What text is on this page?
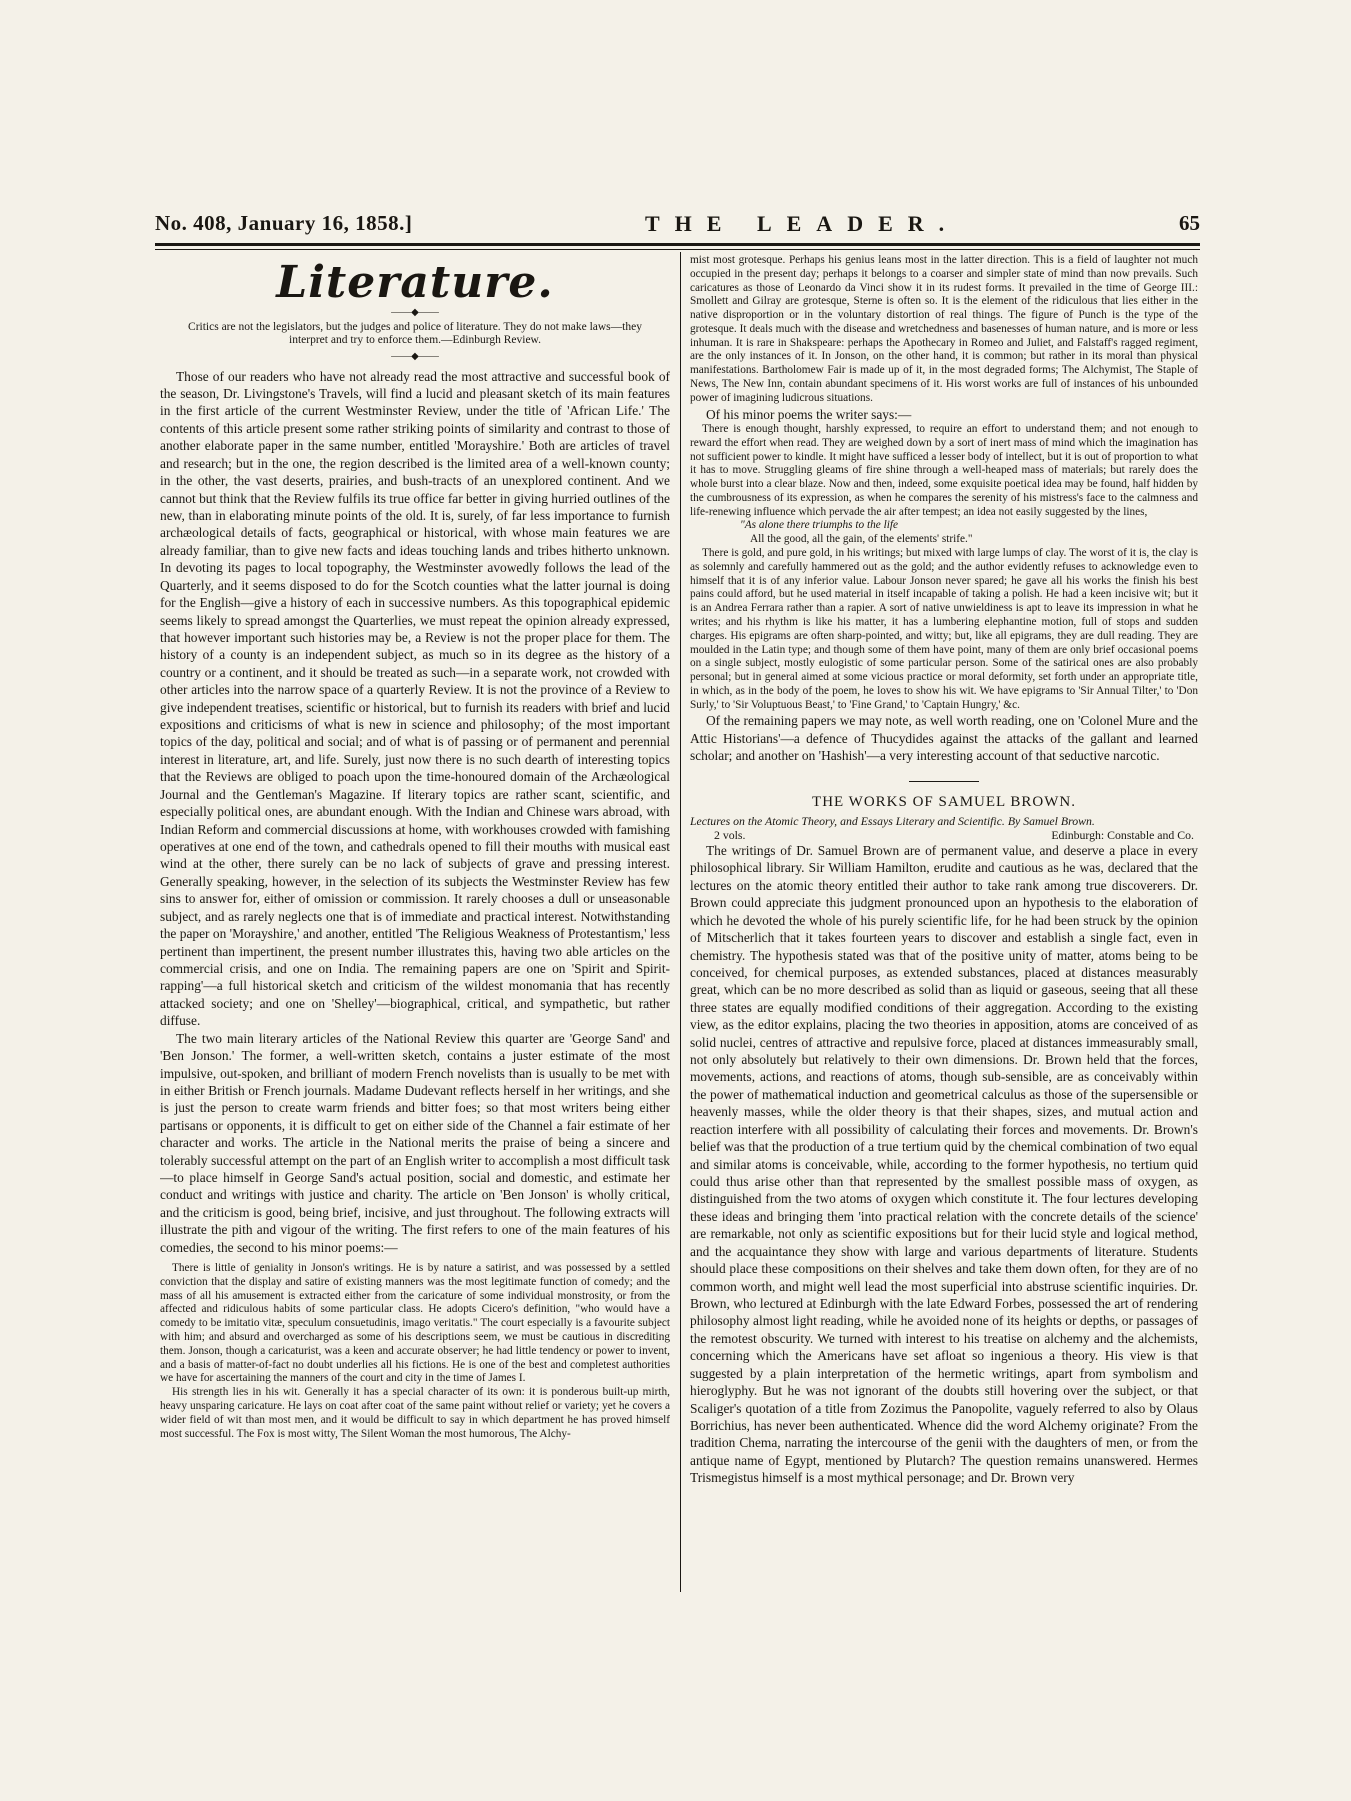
No. 408, January 16, 1858.]	THE LEADER.	65
Literature.
——◆——
Critics are not the legislators, but the judges and police of literature. They do not make laws—they interpret and try to enforce them.—Edinburgh Review.
——◆——

Those of our readers who have not already read the most attractive and successful book of the season, Dr. Livingstone's Travels, will find a lucid and pleasant sketch of its main features in the first article of the current Westminster Review, under the title of 'African Life.' The contents of this article present some rather striking points of similarity and contrast to those of another elaborate paper in the same number, entitled 'Morayshire.' Both are articles of travel and research; but in the one, the region described is the limited area of a well-known county; in the other, the vast deserts, prairies, and bush-tracts of an unexplored continent. And we cannot but think that the Review fulfils its true office far better in giving hurried outlines of the new, than in elaborating minute points of the old. It is, surely, of far less importance to furnish archæological details of facts, geographical or historical, with whose main features we are already familiar, than to give new facts and ideas touching lands and tribes hitherto unknown. In devoting its pages to local topography, the Westminster avowedly follows the lead of the Quarterly, and it seems disposed to do for the Scotch counties what the latter journal is doing for the English—give a history of each in successive numbers. As this topographical epidemic seems likely to spread amongst the Quarterlies, we must repeat the opinion already expressed, that however important such histories may be, a Review is not the proper place for them. The history of a county is an independent subject, as much so in its degree as the history of a country or a continent, and it should be treated as such—in a separate work, not crowded with other articles into the narrow space of a quarterly Review. It is not the province of a Review to give independent treatises, scientific or historical, but to furnish its readers with brief and lucid expositions and criticisms of what is new in science and philosophy; of the most important topics of the day, political and social; and of what is of passing or of permanent and perennial interest in literature, art, and life. Surely, just now there is no such dearth of interesting topics that the Reviews are obliged to poach upon the time-honoured domain of the Archæological Journal and the Gentleman's Magazine. If literary topics are rather scant, scientific, and especially political ones, are abundant enough. With the Indian and Chinese wars abroad, with Indian Reform and commercial discussions at home, with workhouses crowded with famishing operatives at one end of the town, and cathedrals opened to fill their mouths with musical east wind at the other, there surely can be no lack of subjects of grave and pressing interest. Generally speaking, however, in the selection of its subjects the Westminster Review has few sins to answer for, either of omission or commission. It rarely chooses a dull or unseasonable subject, and as rarely neglects one that is of immediate and practical interest. Notwithstanding the paper on 'Morayshire,' and another, entitled 'The Religious Weakness of Protestantism,' less pertinent than impertinent, the present number illustrates this, having two able articles on the commercial crisis, and one on India. The remaining papers are one on 'Spirit and Spirit-rapping'—a full historical sketch and criticism of the wildest monomania that has recently attacked society; and one on 'Shelley'—biographical, critical, and sympathetic, but rather diffuse.

The two main literary articles of the National Review this quarter are 'George Sand' and 'Ben Jonson.' The former, a well-written sketch, contains a juster estimate of the most impulsive, out-spoken, and brilliant of modern French novelists than is usually to be met with in either British or French journals. Madame Dudevant reflects herself in her writings, and she is just the person to create warm friends and bitter foes; so that most writers being either partisans or opponents, it is difficult to get on either side of the Channel a fair estimate of her character and works. The article in the National merits the praise of being a sincere and tolerably successful attempt on the part of an English writer to accomplish a most difficult task—to place himself in George Sand's actual position, social and domestic, and estimate her conduct and writings with justice and charity. The article on 'Ben Jonson' is wholly critical, and the criticism is good, being brief, incisive, and just throughout. The following extracts will illustrate the pith and vigour of the writing. The first refers to one of the main features of his comedies, the second to his minor poems:—

There is little of geniality in Jonson's writings. He is by nature a satirist, and was possessed by a settled conviction that the display and satire of existing manners was the most legitimate function of comedy; and the mass of all his amusement is extracted either from the caricature of some individual monstrosity, or from the affected and ridiculous habits of some particular class. He adopts Cicero's definition, "who would have a comedy to be imitatio vitæ, speculum consuetudinis, imago veritatis." The court especially is a favourite subject with him; and absurd and overcharged as some of his descriptions seem, we must be cautious in discrediting them. Jonson, though a caricaturist, was a keen and accurate observer; he had little tendency or power to invent, and a basis of matter-of-fact no doubt underlies all his fictions. He is one of the best and completest authorities we have for ascertaining the manners of the court and city in the time of James I.

His strength lies in his wit. Generally it has a special character of its own: it is ponderous built-up mirth, heavy unsparing caricature. He lays on coat after coat of the same paint without relief or variety; yet he covers a wider field of wit than most men, and it would be difficult to say in which department he has proved himself most successful. The Fox is most witty, The Silent Woman the most humorous, The Alchy-

mist most grotesque. Perhaps his genius leans most in the latter direction. This is a field of laughter not much occupied in the present day; perhaps it belongs to a coarser and simpler state of mind than now prevails. Such caricatures as those of Leonardo da Vinci show it in its rudest forms. It prevailed in the time of George III.: Smollett and Gilray are grotesque, Sterne is often so. It is the element of the ridiculous that lies either in the native disproportion or in the voluntary distortion of real things. The figure of Punch is the type of the grotesque. It deals much with the disease and wretchedness and basenesses of human nature, and is more or less inhuman. It is rare in Shakspeare: perhaps the Apothecary in Romeo and Juliet, and Falstaff's ragged regiment, are the only instances of it. In Jonson, on the other hand, it is common; but rather in its moral than physical manifestations. Bartholomew Fair is made up of it, in the most degraded forms; The Alchymist, The Staple of News, The New Inn, contain abundant specimens of it. His worst works are full of instances of his unbounded power of imagining ludicrous situations.

Of his minor poems the writer says:—

There is enough thought, harshly expressed, to require an effort to understand them; and not enough to reward the effort when read. They are weighed down by a sort of inert mass of mind which the imagination has not sufficient power to kindle. It might have sufficed a lesser body of intellect, but it is out of proportion to what it has to move. Struggling gleams of fire shine through a well-heaped mass of materials; but rarely does the whole burst into a clear blaze. Now and then, indeed, some exquisite poetical idea may be found, half hidden by the cumbrousness of its expression, as when he compares the serenity of his mistress's face to the calmness and life-renewing influence which pervade the air after tempest; an idea not easily suggested by the lines,

"As alone there triumphs to the life
All the good, all the gain, of the elements' strife."

There is gold, and pure gold, in his writings; but mixed with large lumps of clay. The worst of it is, the clay is as solemnly and carefully hammered out as the gold; and the author evidently refuses to acknowledge even to himself that it is of any inferior value. Labour Jonson never spared; he gave all his works the finish his best pains could afford, but he used material in itself incapable of taking a polish. He had a keen incisive wit; but it is an Andrea Ferrara rather than a rapier. A sort of native unwieldiness is apt to leave its impression in what he writes; and his rhythm is like his matter, it has a lumbering elephantine motion, full of stops and sudden charges. His epigrams are often sharp-pointed, and witty; but, like all epigrams, they are dull reading. They are moulded in the Latin type; and though some of them have point, many of them are only brief occasional poems on a single subject, mostly eulogistic of some particular person. Some of the satirical ones are also probably personal; but in general aimed at some vicious practice or moral deformity, set forth under an appropriate title, in which, as in the body of the poem, he loves to show his wit. We have epigrams to 'Sir Annual Tilter,' to 'Don Surly,' to 'Sir Voluptuous Beast,' to 'Fine Grand,' to 'Captain Hungry,' &c.

Of the remaining papers we may note, as well worth reading, one on 'Colonel Mure and the Attic Historians'—a defence of Thucydides against the attacks of the gallant and learned scholar; and another on 'Hashish'—a very interesting account of that seductive narcotic.

THE WORKS OF SAMUEL BROWN.
Lectures on the Atomic Theory, and Essays Literary and Scientific. By Samuel Brown.
2 vols.	Edinburgh: Constable and Co.

The writings of Dr. Samuel Brown are of permanent value, and deserve a place in every philosophical library. Sir William Hamilton, erudite and cautious as he was, declared that the lectures on the atomic theory entitled their author to take rank among true discoverers. Dr. Brown could appreciate this judgment pronounced upon an hypothesis to the elaboration of which he devoted the whole of his purely scientific life, for he had been struck by the opinion of Mitscherlich that it takes fourteen years to discover and establish a single fact, even in chemistry. The hypothesis stated was that of the positive unity of matter, atoms being to be conceived, for chemical purposes, as extended substances, placed at distances measurably great, which can be no more described as solid than as liquid or gaseous, seeing that all these three states are equally modified conditions of their aggregation. According to the existing view, as the editor explains, placing the two theories in apposition, atoms are conceived of as solid nuclei, centres of attractive and repulsive force, placed at distances immeasurably small, not only absolutely but relatively to their own dimensions. Dr. Brown held that the forces, movements, actions, and reactions of atoms, though sub-sensible, are as conceivably within the power of mathematical induction and geometrical calculus as those of the supersensible or heavenly masses, while the older theory is that their shapes, sizes, and mutual action and reaction interfere with all possibility of calculating their forces and movements. Dr. Brown's belief was that the production of a true tertium quid by the chemical combination of two equal and similar atoms is conceivable, while, according to the former hypothesis, no tertium quid could thus arise other than that represented by the smallest possible mass of oxygen, as distinguished from the two atoms of oxygen which constitute it. The four lectures developing these ideas and bringing them 'into practical relation with the concrete details of the science' are remarkable, not only as scientific expositions but for their lucid style and logical method, and the acquaintance they show with large and various departments of literature. Students should place these compositions on their shelves and take them down often, for they are of no common worth, and might well lead the most superficial into abstruse scientific inquiries. Dr. Brown, who lectured at Edinburgh with the late Edward Forbes, possessed the art of rendering philosophy almost light reading, while he avoided none of its heights or depths, or passages of the remotest obscurity. We turned with interest to his treatise on alchemy and the alchemists, concerning which the Americans have set afloat so ingenious a theory. His view is that suggested by a plain interpretation of the hermetic writings, apart from symbolism and hieroglyphy. But he was not ignorant of the doubts still hovering over the subject, or that Scaliger's quotation of a title from Zozimus the Panopolite, vaguely referred to also by Olaus Borrichius, has never been authenticated. Whence did the word Alchemy originate? From the tradition Chema, narrating the intercourse of the genii with the daughters of men, or from the antique name of Egypt, mentioned by Plutarch? The question remains unanswered. Hermes Trismegistus himself is a most mythical personage; and Dr. Brown very
